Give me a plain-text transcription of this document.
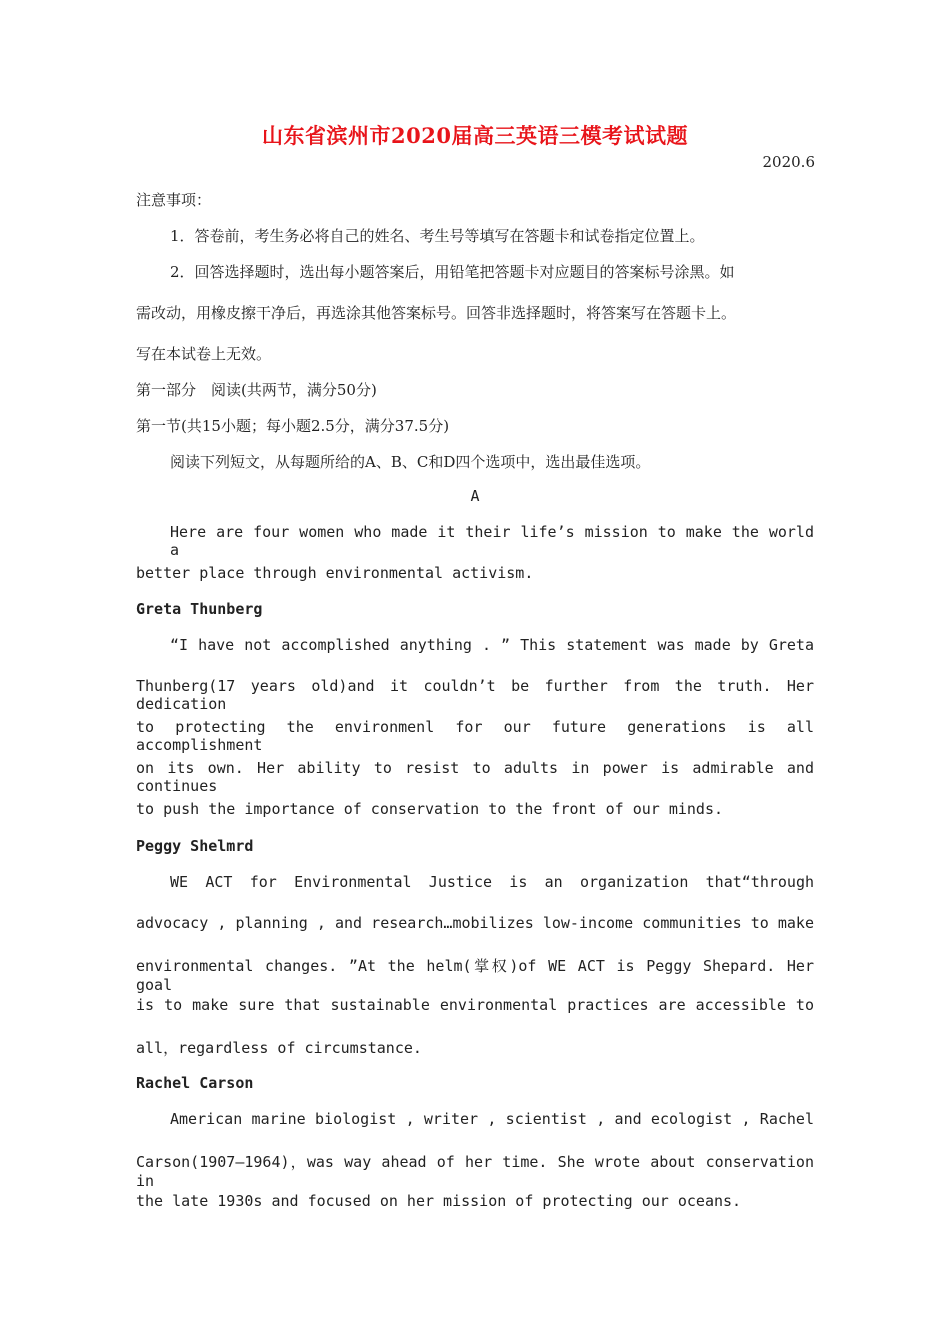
山东省滨州市2020届高三英语三模考试试题
2020.6
注意事项：
1．答卷前，考生务必将自己的姓名、考生号等填写在答题卡和试卷指定位置上。
2．回答选择题时，选出每小题答案后，用铅笔把答题卡对应题目的答案标号涂黑。如
需改动，用橡皮擦干净后，再选涂其他答案标号。回答非选择题时，将答案写在答题卡上。
写在本试卷上无效。
第一部分　阅读(共两节，满分50分)
第一节(共15小题；每小题2.5分，满分37.5分)
阅读下列短文，从每题所给的A、B、C和D四个选项中，选出最佳选项。
A
Here are four women who made it their life’s mission to make the world a
better place through environmental activism.
Greta Thunberg
“I have not accomplished anything . ” This statement was made by Greta
Thunberg(17 years old)and it couldn’t be further from the truth. Her dedication
to protecting the environmenl for our future generations is all accomplishment
on its own. Her ability to resist to adults in power is admirable and continues
to push the importance of conservation to the front of our minds.
Peggy Shelmrd
WE ACT for Environmental Justice is an organization that“through
advocacy , planning , and research…mobilizes low-income communities to make
environmental changes. ”At the helm(掌权)of WE ACT is Peggy Shepard. Her goal
is to make sure that sustainable environmental practices are accessible to
all，regardless of circumstance.
Rachel Carson
American marine biologist , writer , scientist , and ecologist , Rachel
Carson(1907—1964)，was way ahead of her time. She wrote about conservation in
the late 1930s and focused on her mission of protecting our oceans.
